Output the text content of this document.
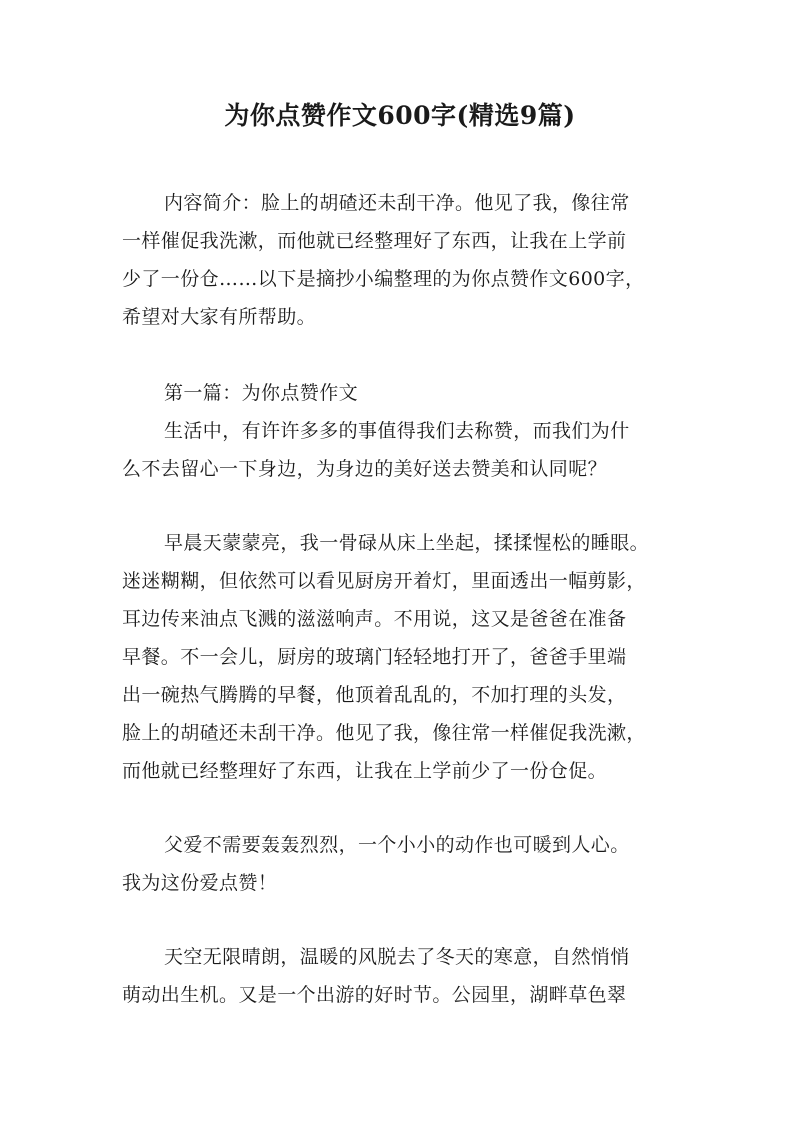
为你点赞作文600字(精选9篇)
内容简介：脸上的胡碴还未刮干净。他见了我，像往常
一样催促我洗漱，而他就已经整理好了东西，让我在上学前
少了一份仓……以下是摘抄小编整理的为你点赞作文600字，
希望对大家有所帮助。
第一篇：为你点赞作文
生活中，有许许多多的事值得我们去称赞，而我们为什
么不去留心一下身边，为身边的美好送去赞美和认同呢？
早晨天蒙蒙亮，我一骨碌从床上坐起，揉揉惺松的睡眼。
迷迷糊糊，但依然可以看见厨房开着灯，里面透出一幅剪影，
耳边传来油点飞溅的滋滋响声。不用说，这又是爸爸在准备
早餐。不一会儿，厨房的玻璃门轻轻地打开了，爸爸手里端
出一碗热气腾腾的早餐，他顶着乱乱的，不加打理的头发，
脸上的胡碴还未刮干净。他见了我，像往常一样催促我洗漱，
而他就已经整理好了东西，让我在上学前少了一份仓促。
父爱不需要轰轰烈烈，一个小小的动作也可暖到人心。
我为这份爱点赞！
天空无限晴朗，温暖的风脱去了冬天的寒意，自然悄悄
萌动出生机。又是一个出游的好时节。公园里，湖畔草色翠
